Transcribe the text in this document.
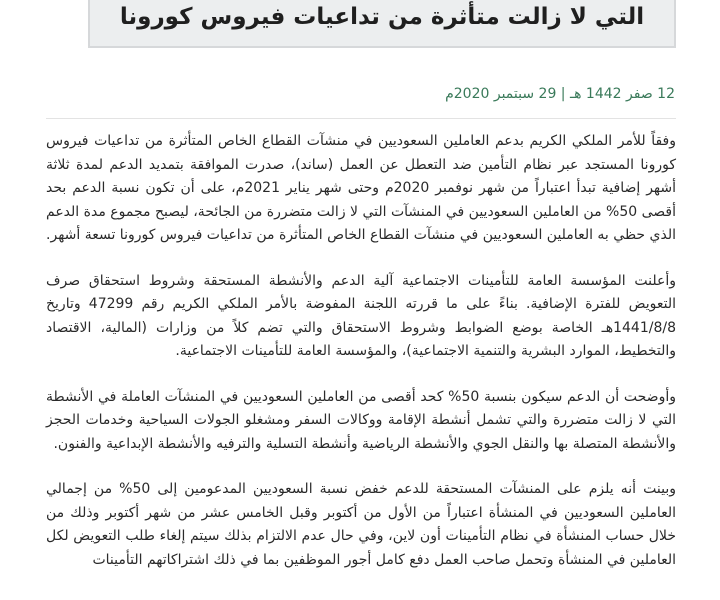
التي لا زالت متأثرة من تداعيات فيروس كورونا
12 صفر 1442 هـ | 29 سبتمبر 2020م

وفقاً للأمر الملكي الكريم بدعم العاملين السعوديين في منشآت القطاع الخاص المتأثرة من تداعيات فيروس كورونا المستجد عبر نظام التأمين ضد التعطل عن العمل (ساند)، صدرت الموافقة بتمديد الدعم لمدة ثلاثة أشهر إضافية تبدأ اعتباراً من شهر نوفمبر 2020م وحتى شهر يناير 2021م، على أن تكون نسبة الدعم بحد أقصى 50% من العاملين السعوديين في المنشآت التي لا زالت متضررة من الجائحة، ليصبح مجموع مدة الدعم الذي حظي به العاملين السعوديين في منشآت القطاع الخاص المتأثرة من تداعيات فيروس كورونا تسعة أشهر.

وأعلنت المؤسسة العامة للتأمينات الاجتماعية آلية الدعم والأنشطة المستحقة وشروط استحقاق صرف التعويض للفترة الإضافية. بناءً على ما قررته اللجنة المفوضة بالأمر الملكي الكريم رقم 47299 وتاريخ 1441/8/8هـ الخاصة بوضع الضوابط وشروط الاستحقاق والتي تضم كلاً من وزارات (المالية، الاقتصاد والتخطيط، الموارد البشرية والتنمية الاجتماعية)، والمؤسسة العامة للتأمينات الاجتماعية.

وأوضحت أن الدعم سيكون بنسبة 50% كحد أقصى من العاملين السعوديين في المنشآت العاملة في الأنشطة التي لا زالت متضررة والتي تشمل أنشطة الإقامة ووكالات السفر ومشغلو الجولات السياحية وخدمات الحجز والأنشطة المتصلة بها والنقل الجوي والأنشطة الرياضية وأنشطة التسلية والترفيه والأنشطة الإبداعية والفنون.

وبينت أنه يلزم على المنشآت المستحقة للدعم خفض نسبة السعوديين المدعومين إلى 50% من إجمالي العاملين السعوديين في المنشأة اعتباراً من الأول من أكتوبر وقبل الخامس عشر من شهر أكتوبر وذلك من خلال حساب المنشأة في نظام التأمينات أون لاين، وفي حال عدم الالتزام بذلك سيتم إلغاء طلب التعويض لكل العاملين في المنشأة وتحمل صاحب العمل دفع كامل أجور الموظفين بما في ذلك اشتراكاتهم التأمينات
